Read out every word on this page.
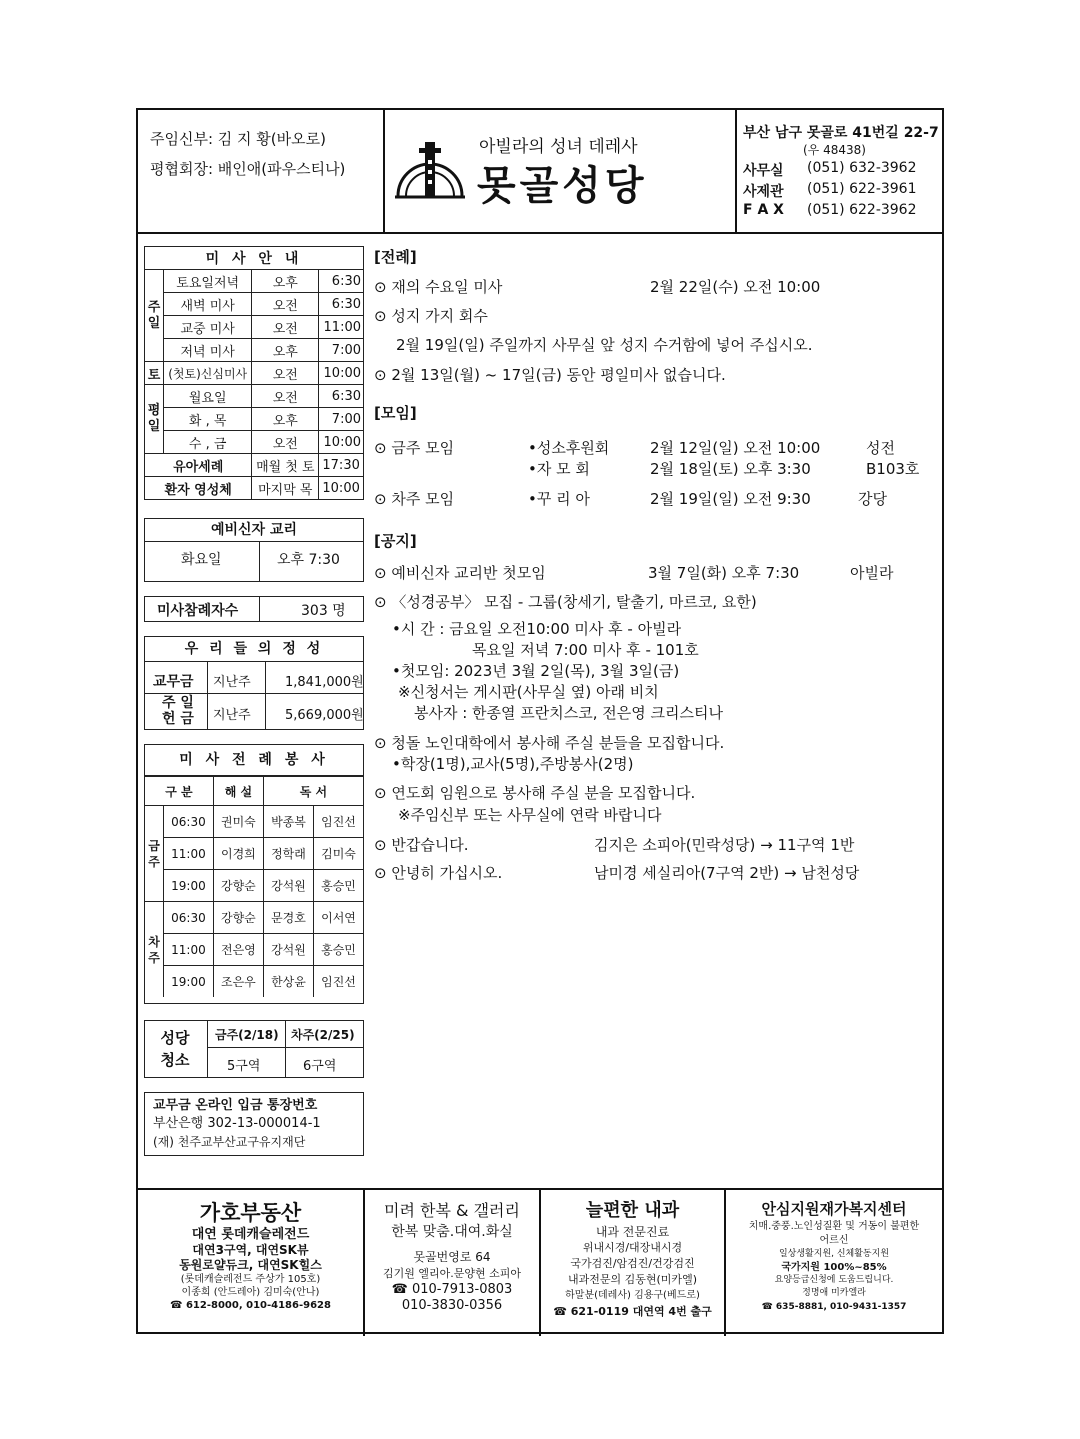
주임신부: 김 지 황(바오로)
평협회장: 배인애(파우스티나)
아빌라의 성녀 데레사
못골성당
부산 남구 못골로 41번길 22-7
(우 48438)
사무실 (051) 632-3962
사제관 (051) 622-3961
F A X (051) 622-3962
미 사 안 내			
주일	토요일저녁	오후	6:30
	새벽 미사	오전	6:30
	교중 미사	오전	11:00
	저녁 미사	오후	7:00
토	(첫토)신심미사	오전	10:00
평일	월요일	오전	6:30
	화 , 목	오후	7:00
	수 , 금	오전	10:00
유아세례		매월 첫 토	17:30
환자 영성체		마지막 목	10:00
예비신자 교리
화요일	오후 7:30
미사참례자수	303 명
우 리 들 의 정 성
교무금 지난주	1,841,000원
주 일 헌 금	지난주	5,669,000원
미 사 전 례 봉 사
구 분		해 설	독 서	
금주	06:30	권미숙	박종복	임진선
	11:00	이경희	정학래	김미숙
	19:00	강향순	강석원	홍승민
차주	06:30	강향순	문경호	이서연
	11:00	전은영	강석원	홍승민
	19:00	조은우	한상윤	임진선
성당 청소
금주(2/18) 차주(2/25)
5구역	6구역
교무금 온라인 입금 통장번호
부산은행 302-13-000014-1
(재) 천주교부산교구유지재단
[전례]
⊙ 재의 수요일 미사	2월 22일(수) 오전 10:00
⊙ 성지 가지 회수
2월 19일(일) 주일까지 사무실 앞 성지 수거함에 넣어 주십시오.
⊙ 2월 13일(월) ~ 17일(금) 동안 평일미사 없습니다.
[모임]
⊙ 금주 모임	•성소후원회	2월 12일(일) 오전 10:00	성전
•자 모 회	2월 18일(토) 오후 3:30	B103호
⊙ 차주 모임	•꾸 리 아	2월 19일(일) 오전 9:30	강당
[공지]
⊙ 예비신자 교리반 첫모임	3월 7일(화) 오후 7:30	아빌라
⊙ 〈성경공부〉 모집 - 그룹(창세기, 탈출기, 마르코, 요한)
•시 간 : 금요일 오전10:00 미사 후 - 아빌라
목요일 저녁 7:00 미사 후 - 101호
•첫모임: 2023년 3월 2일(목), 3월 3일(금)
※신청서는 게시판(사무실 옆) 아래 비치
봉사자 : 한종열 프란치스코, 전은영 크리스티나
⊙ 청돌 노인대학에서 봉사해 주실 분들을 모집합니다.
•학장(1명),교사(5명),주방봉사(2명)
⊙ 연도회 임원으로 봉사해 주실 분을 모집합니다.
※주임신부 또는 사무실에 연락 바랍니다
⊙ 반갑습니다.	김지은 소피아(민락성당) → 11구역 1반
⊙ 안녕히 가십시오.	남미경 세실리아(7구역 2반) → 남천성당
가호부동산
대연 롯데캐슬레전드
대연3구역, 대연SK뷰
동원로얄듀크, 대연SK힐스
(롯데캐슬레전드 주상가 105호)
이종희 (안드레아) 김미숙(안나)
☎ 612-8000, 010-4186-9628
미려 한복 & 갤러리
한복 맞춤.대여.화실
못골번영로 64
김기원 엘리아.문양현 소피아
☎ 010-7913-0803
010-3830-0356
늘편한 내과
내과 전문진료
위내시경/대장내시경
국가검진/암검진/건강검진
내과전문의 김동현(미카엘)
하말분(데레사) 김용구(베드로)
☎ 621-0119 대연역 4번 출구
안심지원재가복지센터
치매.중풍.노인성질환 및 거동이 불편한
어르신
일상생활지원, 신체활동지원
국가지원 100%~85%
요양등급신청에 도움드립니다.
정명애 미카엘라
☎ 635-8881, 010-9431-1357
